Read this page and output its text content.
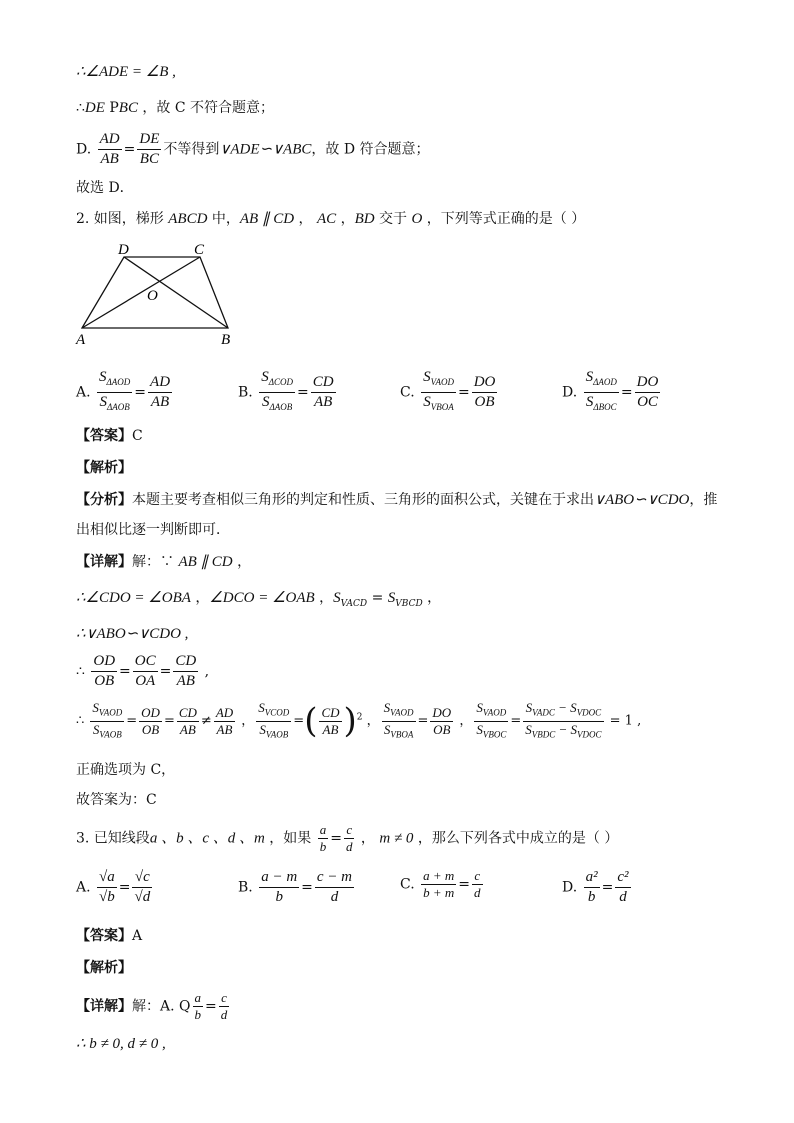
∴∠ADE = ∠B ,
∴DE PBC ，故 C 不符合题意；
D. $\frac{AD}{AB} = \frac{DE}{BC}$ 不等得到∨ADE∽∨ABC，故 D 符合题意；
故选 D．
2. 如图，梯形 ABCD 中，AB ∥ CD ， AC ，BD 交于 O ，下列等式正确的是（ ）
D	C
O
A	B
A. $\frac{S_{\Delta AOD}}{S_{\Delta AOB}} = \frac{AD}{AB}$	B. $\frac{S_{\Delta COD}}{S_{\Delta AOB}} = \frac{CD}{AB}$	C. $\frac{S_{VAOD}}{S_{VBOA}} = \frac{DO}{OB}$	D. $\frac{S_{\Delta AOD}}{S_{\Delta BOC}} = \frac{DO}{OC}$
【答案】C
【解析】
【分析】本题主要考查相似三角形的判定和性质、三角形的面积公式，关键在于求出∨ABO∽∨CDO，推
出相似比逐一判断即可．
【详解】解：∵ AB ∥ CD ，
∴∠CDO = ∠OBA ，∠DCO = ∠OAB ，$S_{VACD} = S_{VBCD}$ ，
∴∨ABO∽∨CDO ,
∴ $\frac{OD}{OB} = \frac{OC}{OA} = \frac{CD}{AB}$ ,
∴ $\frac{S_{VAOD}}{S_{VAOB}} = \frac{OD}{OB} = \frac{CD}{AB} \ne \frac{AD}{AB}$ ， $\frac{S_{VCOD}}{S_{VAOB}}$ =( $\frac{CD}{AB} )^2$ ， $\frac{S_{VAOD}}{S_{VBOA}} = \frac{DO}{OB}$ ， $\frac{S_{VAOD}}{S_{VBOC}} = \frac{S_{VADC} - S_{VDOC}}{S_{VBDC} - S_{VDOC}} = 1$ ,
正确选项为 C，
故答案为：C
3. 已知线段a 、b 、c 、d 、m ，如果 $\frac{a}{b} = \frac{c}{d}$ ， m ≠ 0 ，那么下列各式中成立的是（ ）
A. $\frac{√a}{√b} = \frac{√c}{√d}$	B. $\frac{a - m}{b} = \frac{c - m}{d}$	C. $\frac{a + m}{b + m} = \frac{c}{d}$	D. $\frac{\text{a²}}{b} = \frac{\text{c²}}{d}$
【答案】A
【解析】
【详解】解：A. Q $\frac{a}{b} = \frac{c}{d}$
∴ b ≠ 0, d ≠ 0 ,
